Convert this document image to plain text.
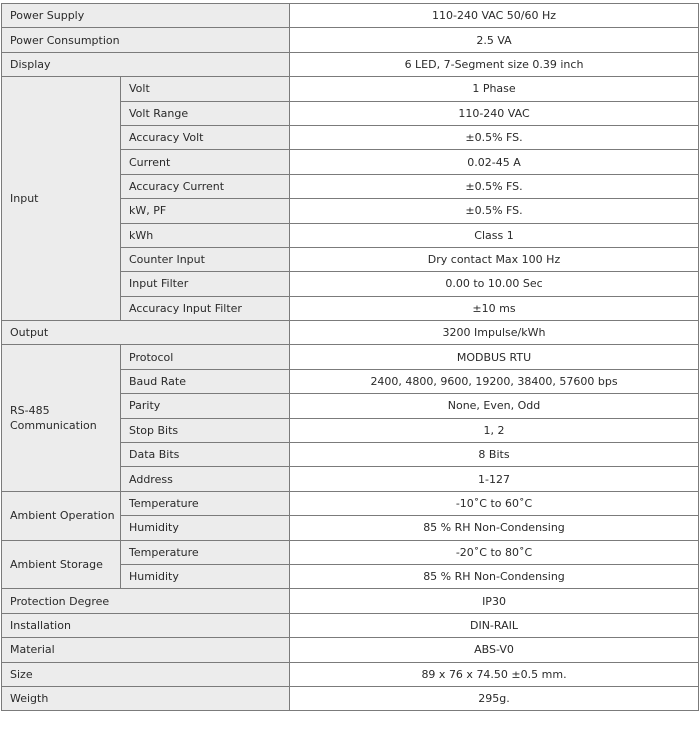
Power Supply		110-240 VAC 50/60 Hz
Power Consumption		2.5 VA
Display		6 LED, 7-Segment size 0.39 inch
Input	Volt	1 Phase
	Volt Range	110-240 VAC
	Accuracy Volt	±0.5% FS.
	Current	0.02-45 A
	Accuracy Current	±0.5% FS.
	kW, PF	±0.5% FS.
	kWh	Class 1
	Counter Input	Dry contact Max 100 Hz
	Input Filter	0.00 to 10.00 Sec
	Accuracy Input Filter	±10 ms
Output		3200 Impulse/kWh
RS-485
Communication	Protocol	MODBUS RTU
	Baud Rate	2400, 4800, 9600, 19200, 38400, 57600 bps
	Parity	None, Even, Odd
	Stop Bits	1, 2
	Data Bits	8 Bits
	Address	1-127
Ambient Operation	Temperature	-10˚C to 60˚C
	Humidity	85 % RH Non-Condensing
Ambient Storage	Temperature	-20˚C to 80˚C
	Humidity	85 % RH Non-Condensing
Protection Degree		IP30
Installation		DIN-RAIL
Material		ABS-V0
Size		89 x 76 x 74.50 ±0.5 mm.
Weigth		295g.
